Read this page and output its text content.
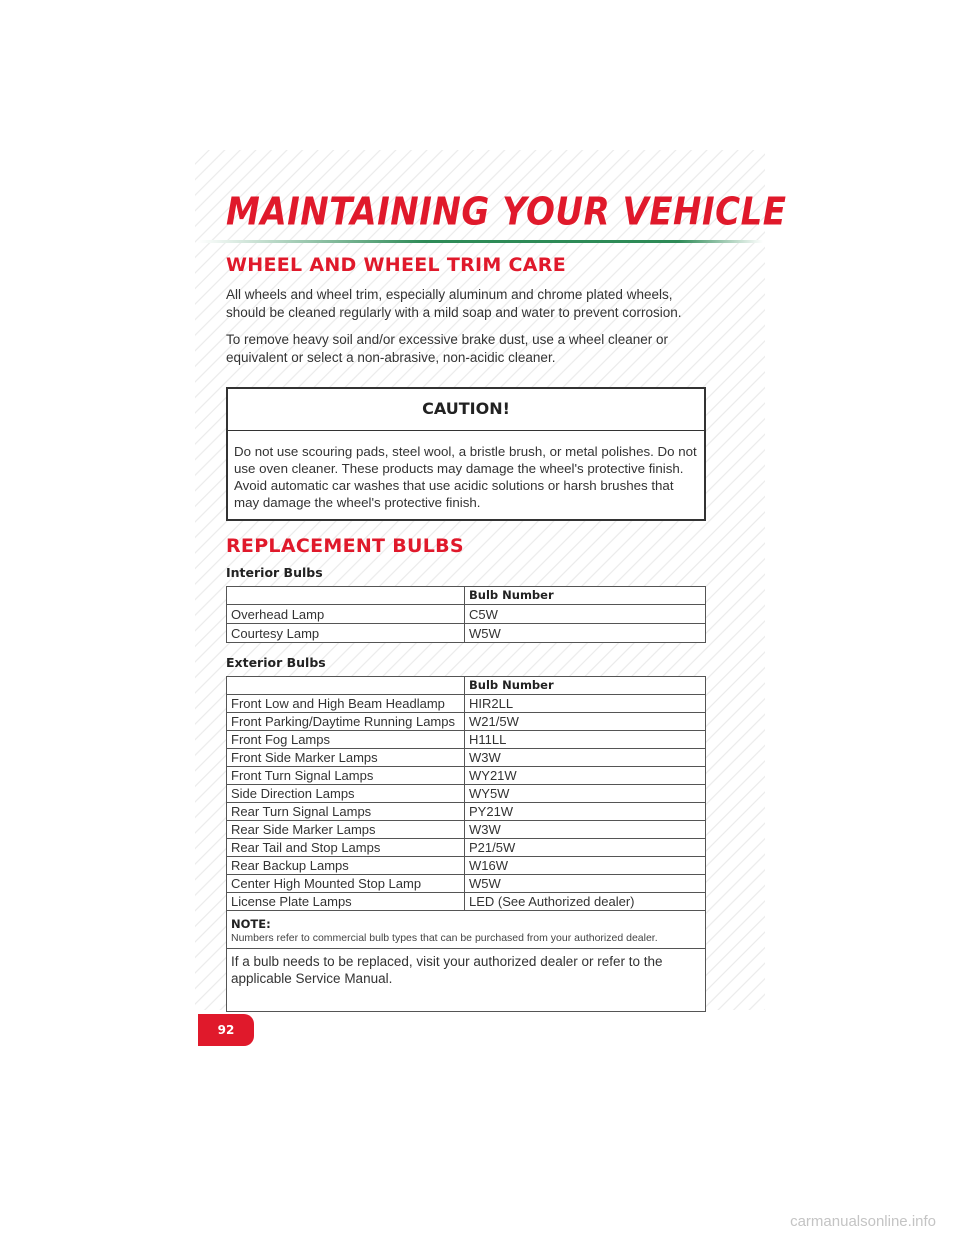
MAINTAINING YOUR VEHICLE
WHEEL AND WHEEL TRIM CARE

All wheels and wheel trim, especially aluminum and chrome plated wheels, should be cleaned regularly with a mild soap and water to prevent corrosion.

To remove heavy soil and/or excessive brake dust, use a wheel cleaner or equivalent or select a non-abrasive, non-acidic cleaner.

CAUTION!

Do not use scouring pads, steel wool, a bristle brush, or metal polishes. Do not use oven cleaner. These products may damage the wheel's protective finish. Avoid automatic car washes that use acidic solutions or harsh brushes that may damage the wheel's protective finish.

REPLACEMENT BULBS
Interior Bulbs
	Bulb Number
Overhead Lamp	C5W
Courtesy Lamp	W5W
Exterior Bulbs
	Bulb Number
Front Low and High Beam Headlamp	HIR2LL
Front Parking/Daytime Running Lamps	W21/5W
Front Fog Lamps	H11LL
Front Side Marker Lamps	W3W
Front Turn Signal Lamps	WY21W
Side Direction Lamps	WY5W
Rear Turn Signal Lamps	PY21W
Rear Side Marker Lamps	W3W
Rear Tail and Stop Lamps	P21/5W
Rear Backup Lamps	W16W
Center High Mounted Stop Lamp	W5W
License Plate Lamps	LED (See Authorized dealer)
NOTE:
Numbers refer to commercial bulb types that can be purchased from your authorized dealer.

If a bulb needs to be replaced, visit your authorized dealer or refer to the applicable Service Manual.

92
carmanualsonline.info
